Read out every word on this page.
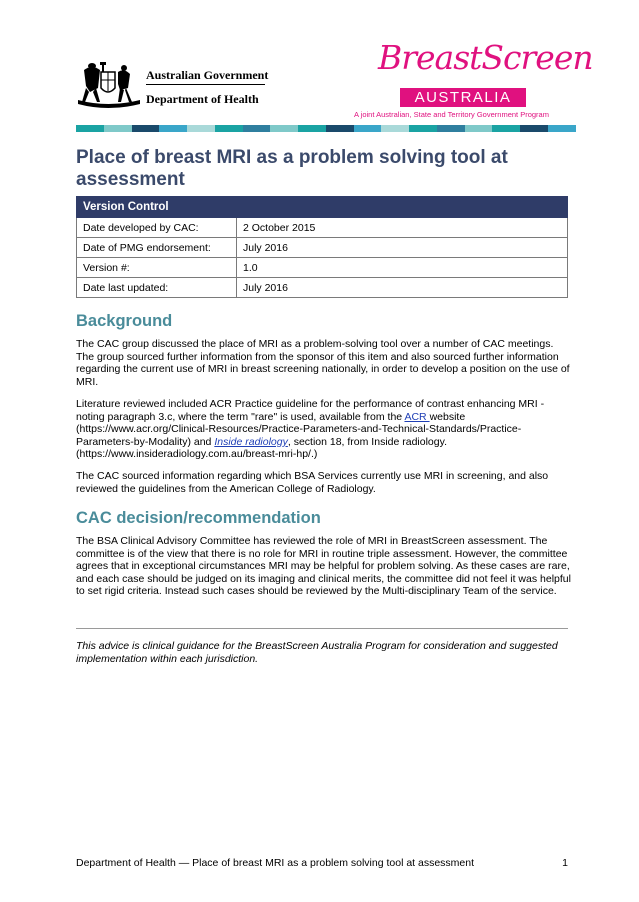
Australian Government
Department of Health
BreastScreen
AUSTRALIA
A joint Australian, State and Territory Government Program
Place of breast MRI as a problem solving tool at assessment
Version Control	
Date developed by CAC:	2 October 2015
Date of PMG endorsement:	July 2016
Version #:	1.0
Date last updated:	July 2016
Background

The CAC group discussed the place of MRI as a problem-solving tool over a number of CAC meetings. The group sourced further information from the sponsor of this item and also sourced further information regarding the current use of MRI in breast screening nationally, in order to develop a position on the use of MRI.

Literature reviewed included ACR Practice guideline for the performance of contrast enhancing MRI - noting paragraph 3.c, where the term "rare" is used, available from the ACR website (https://www.acr.org/Clinical-Resources/Practice-Parameters-and-Technical-Standards/Practice-Parameters-by-Modality) and Inside radiology, section 18, from Inside radiology. (https://www.insideradiology.com.au/breast-mri-hp/.)

The CAC sourced information regarding which BSA Services currently use MRI in screening, and also reviewed the guidelines from the American College of Radiology.

CAC decision/recommendation

The BSA Clinical Advisory Committee has reviewed the role of MRI in BreastScreen assessment. The committee is of the view that there is no role for MRI in routine triple assessment. However, the committee agrees that in exceptional circumstances MRI may be helpful for problem solving. As these cases are rare, and each case should be judged on its imaging and clinical merits, the committee did not feel it was helpful to set rigid criteria. Instead such cases should be reviewed by the Multi-disciplinary Team of the service.

This advice is clinical guidance for the BreastScreen Australia Program for consideration and suggested implementation within each jurisdiction.

Department of Health — Place of breast MRI as a problem solving tool at assessment	1
